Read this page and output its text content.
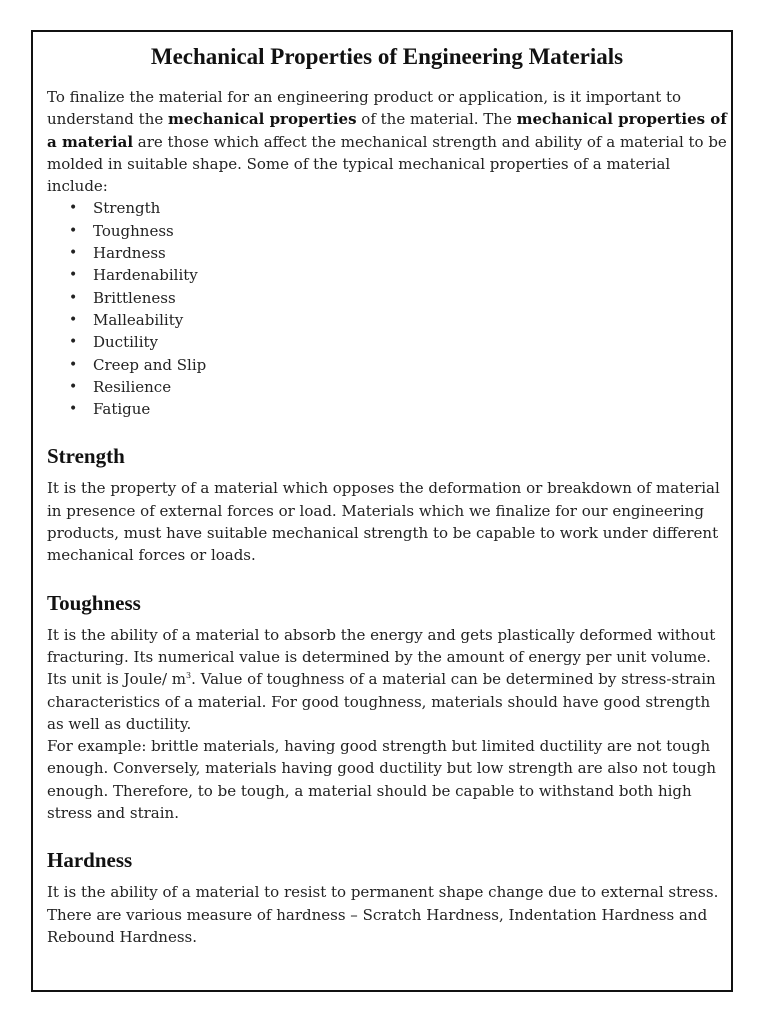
Mechanical Properties of Engineering Materials

To finalize the material for an engineering product or application, is it important to understand the mechanical properties of the material. The mechanical properties of a material are those which affect the mechanical strength and ability of a material to be molded in suitable shape. Some of the typical mechanical properties of a material include:

•	Strength
•	Toughness
•	Hardness
•	Hardenability
•	Brittleness
•	Malleability
•	Ductility
•	Creep and Slip
•	Resilience
•	Fatigue
Strength

It is the property of a material which opposes the deformation or breakdown of material in presence of external forces or load. Materials which we finalize for our engineering products, must have suitable mechanical strength to be capable to work under different mechanical forces or loads.

Toughness

It is the ability of a material to absorb the energy and gets plastically deformed without fracturing. Its numerical value is determined by the amount of energy per unit volume. Its unit is Joule/ $m^3$. Value of toughness of a material can be determined by stress-strain characteristics of a material. For good toughness, materials should have good strength as well as ductility.

For example: brittle materials, having good strength but limited ductility are not tough enough. Conversely, materials having good ductility but low strength are also not tough enough. Therefore, to be tough, a material should be capable to withstand both high stress and strain.

Hardness

It is the ability of a material to resist to permanent shape change due to external stress. There are various measure of hardness – Scratch Hardness, Indentation Hardness and Rebound Hardness.
